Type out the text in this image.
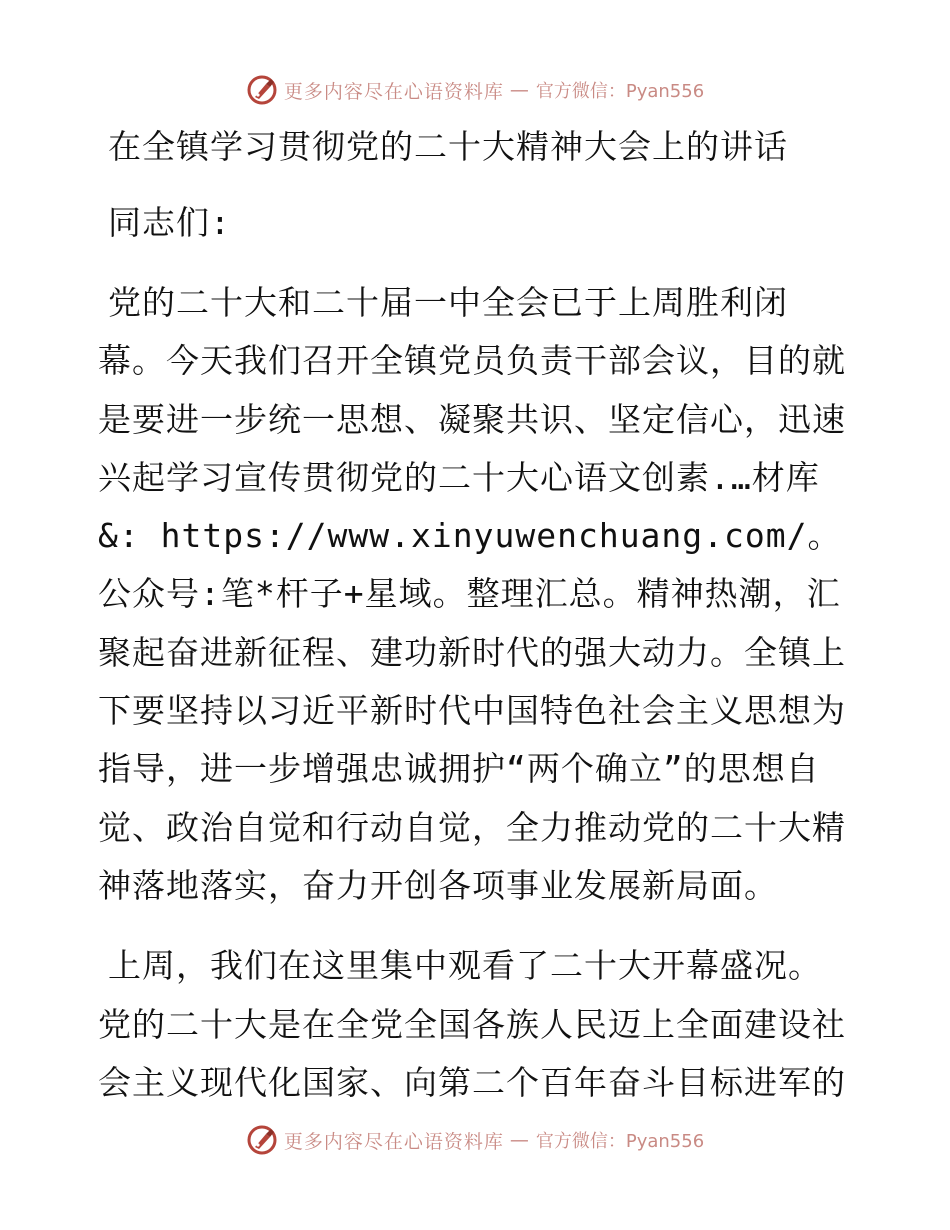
更多内容尽在心语资料库 — 官方微信：Pyan556
在全镇学习贯彻党的二十大精神大会上的讲话

同志们:

党的二十大和二十届一中全会已于上周胜利闭幕。今天我们召开全镇党员负责干部会议，目的就是要进一步统一思想、凝聚共识、坚定信心，迅速兴起学习宣传贯彻党的二十大心语文创素.…材库&: https://www.xinyuwenchuang.com/。公众号:笔*杆子+星域。整理汇总。精神热潮，汇聚起奋进新征程、建功新时代的强大动力。全镇上下要坚持以习近平新时代中国特色社会主义思想为指导，进一步增强忠诚拥护“两个确立”的思想自觉、政治自觉和行动自觉，全力推动党的二十大精神落地落实，奋力开创各项事业发展新局面。

上周，我们在这里集中观看了二十大开幕盛况。党的二十大是在全党全国各族人民迈上全面建设社会主义现代化国家、向第二个百年奋斗目标进军的

更多内容尽在心语资料库 — 官方微信：Pyan556
